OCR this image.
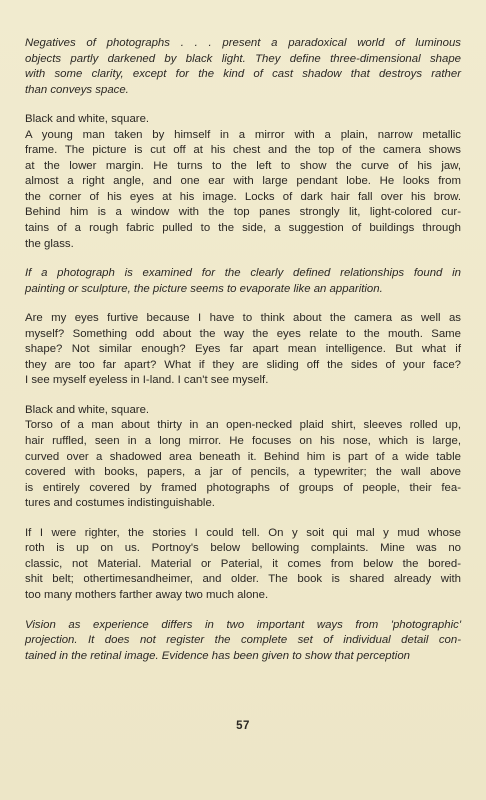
Negatives of photographs . . . present a paradoxical world of luminous
objects partly darkened by black light. They define three-dimensional shape
with some clarity, except for the kind of cast shadow that destroys rather
than conveys space.

Black and white, square.
A young man taken by himself in a mirror with a plain, narrow metallic
frame. The picture is cut off at his chest and the top of the camera shows
at the lower margin. He turns to the left to show the curve of his jaw,
almost a right angle, and one ear with large pendant lobe. He looks from
the corner of his eyes at his image. Locks of dark hair fall over his brow.
Behind him is a window with the top panes strongly lit, light-colored cur-
tains of a rough fabric pulled to the side, a suggestion of buildings through
the glass.

If a photograph is examined for the clearly defined relationships found in
painting or sculpture, the picture seems to evaporate like an apparition.

Are my eyes furtive because I have to think about the camera as well as
myself? Something odd about the way the eyes relate to the mouth. Same
shape? Not similar enough? Eyes far apart mean intelligence. But what if
they are too far apart? What if they are sliding off the sides of your face?
I see myself eyeless in I-land. I can't see myself.

Black and white, square.
Torso of a man about thirty in an open-necked plaid shirt, sleeves rolled up,
hair ruffled, seen in a long mirror. He focuses on his nose, which is large,
curved over a shadowed area beneath it. Behind him is part of a wide table
covered with books, papers, a jar of pencils, a typewriter; the wall above
is entirely covered by framed photographs of groups of people, their fea-
tures and costumes indistinguishable.

If I were righter, the stories I could tell. On y soit qui mal y mud whose
roth is up on us. Portnoy's below bellowing complaints. Mine was no
classic, not Material. Material or Paterial, it comes from below the bored-
shit belt; othertimesandheimer, and older. The book is shared already with
too many mothers farther away two much alone.

Vision as experience differs in two important ways from 'photographic'
projection. It does not register the complete set of individual detail con-
tained in the retinal image. Evidence has been given to show that perception

57
